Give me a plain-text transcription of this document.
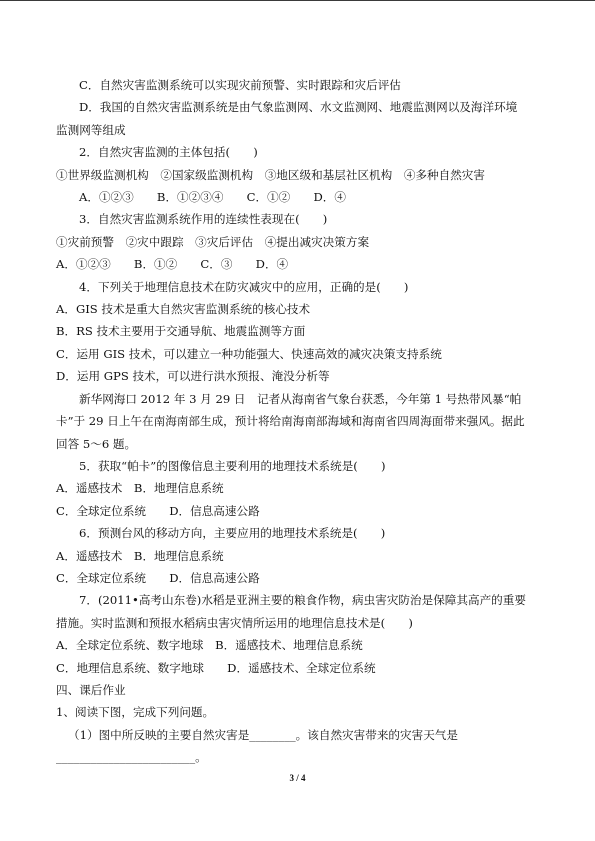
C．自然灾害监测系统可以实现灾前预警、实时跟踪和灾后评估
D．我国的自然灾害监测系统是由气象监测网、水文监测网、地震监测网以及海洋环境
监测网等组成
2．自然灾害监测的主体包括(　　)
①世界级监测机构　②国家级监测机构　③地区级和基层社区机构　④多种自然灾害
A．①②③　　B．①②③④　　C．①②　　D．④
3．自然灾害监测系统作用的连续性表现在(　　)
①灾前预警　②灾中跟踪　③灾后评估　④提出减灾决策方案
A．①②③　　B．①②　　C．③　　D．④
4．下列关于地理信息技术在防灾减灾中的应用，正确的是(　　)
A．GIS 技术是重大自然灾害监测系统的核心技术
B．RS 技术主要用于交通导航、地震监测等方面
C．运用 GIS 技术，可以建立一种功能强大、快速高效的减灾决策支持系统
D．运用 GPS 技术，可以进行洪水预报、淹没分析等
新华网海口 2012 年 3 月 29 日　记者从海南省气象台获悉，今年第 1 号热带风暴“帕
卡”于 29 日上午在南海南部生成，预计将给南海南部海域和海南省四周海面带来强风。据此
回答 5～6 题。
5．获取“帕卡”的图像信息主要利用的地理技术系统是(　　)
A．遥感技术　B．地理信息系统
C．全球定位系统　　D．信息高速公路
6．预测台风的移动方向，主要应用的地理技术系统是(　　)
A．遥感技术　B．地理信息系统
C．全球定位系统　　D．信息高速公路
7．(2011•高考山东卷)水稻是亚洲主要的粮食作物，病虫害灾防治是保障其高产的重要
措施。实时监测和预报水稻病虫害灾情所运用的地理信息技术是(　　)
A．全球定位系统、数字地球　B．遥感技术、地理信息系统
C．地理信息系统、数字地球　　D．遥感技术、全球定位系统
四、课后作业
1、阅读下图，完成下列问题。
（1）图中所反映的主要自然灾害是________。该自然灾害带来的灾害天气是
________________________。
3 / 4
